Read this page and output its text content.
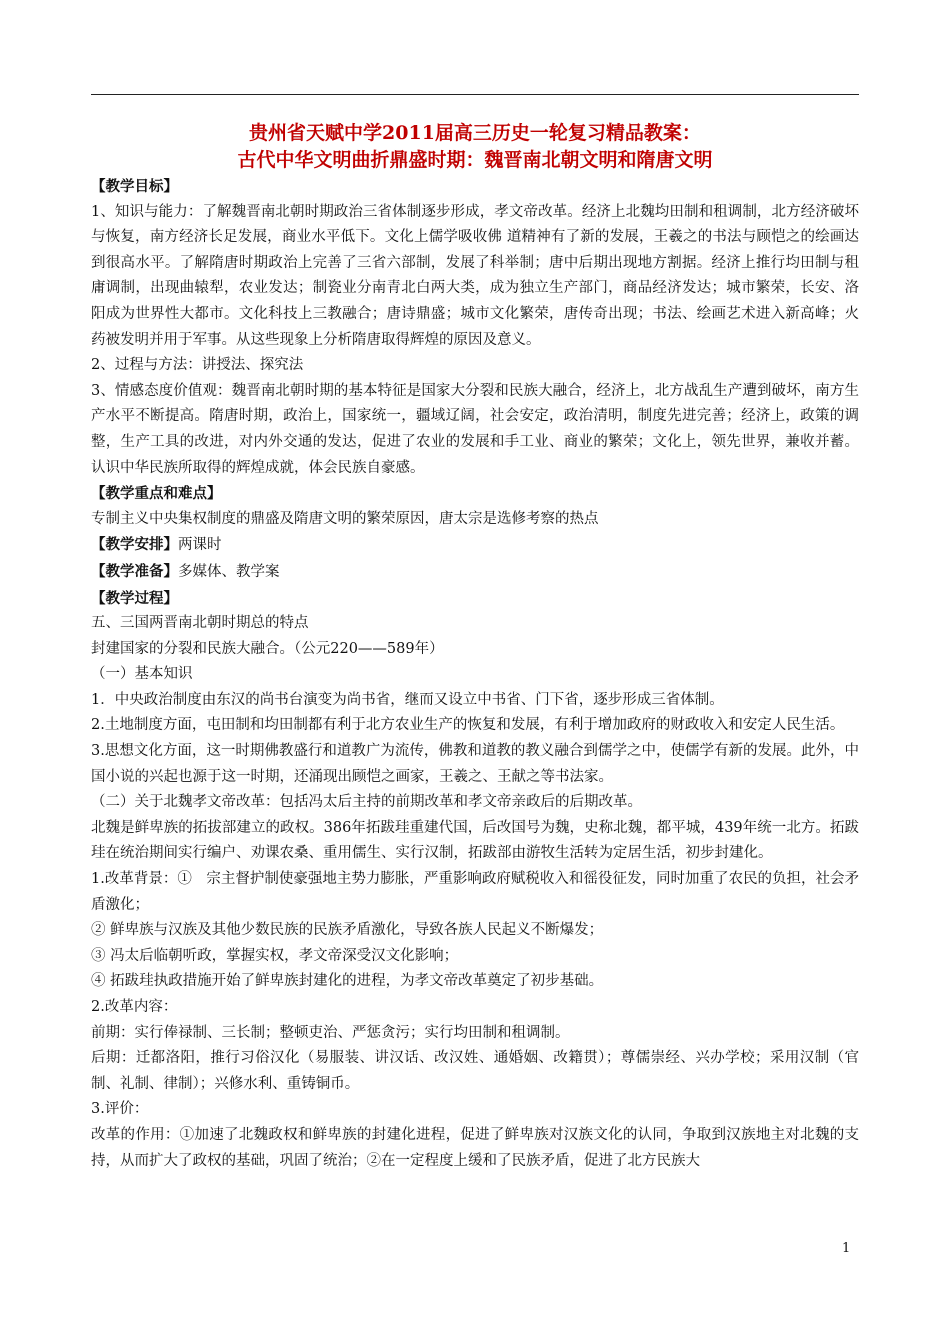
贵州省天赋中学2011届高三历史一轮复习精品教案：
古代中华文明曲折鼎盛时期：魏晋南北朝文明和隋唐文明

【教学目标】

1、知识与能力：了解魏晋南北朝时期政治三省体制逐步形成，孝文帝改革。经济上北魏均田制和租调制，北方经济破坏与恢复，南方经济长足发展，商业水平低下。文化上儒学吸收佛 道精神有了新的发展，王羲之的书法与顾恺之的绘画达到很高水平。了解隋唐时期政治上完善了三省六部制，发展了科举制；唐中后期出现地方割据。经济上推行均田制与租庸调制，出现曲辕犁，农业发达；制瓷业分南青北白两大类，成为独立生产部门，商品经济发达；城市繁荣，长安、洛阳成为世界性大都市。文化科技上三教融合；唐诗鼎盛；城市文化繁荣，唐传奇出现；书法、绘画艺术进入新高峰；火药被发明并用于军事。从这些现象上分析隋唐取得辉煌的原因及意义。

2、过程与方法：讲授法、探究法

3、情感态度价值观：魏晋南北朝时期的基本特征是国家大分裂和民族大融合，经济上，北方战乱生产遭到破坏，南方生产水平不断提高。隋唐时期，政治上，国家统一，疆域辽阔，社会安定，政治清明，制度先进完善；经济上，政策的调整，生产工具的改进，对内外交通的发达，促进了农业的发展和手工业、商业的繁荣；文化上，领先世界，兼收并蓄。认识中华民族所取得的辉煌成就，体会民族自豪感。

【教学重点和难点】

专制主义中央集权制度的鼎盛及隋唐文明的繁荣原因，唐太宗是选修考察的热点

【教学安排】两课时

【教学准备】多媒体、教学案

【教学过程】

五、三国两晋南北朝时期总的特点

封建国家的分裂和民族大融合。（公元220——589年）

（一）基本知识

1．中央政治制度由东汉的尚书台演变为尚书省，继而又设立中书省、门下省，逐步形成三省体制。

2.土地制度方面，屯田制和均田制都有利于北方农业生产的恢复和发展，有利于增加政府的财政收入和安定人民生活。

3.思想文化方面，这一时期佛教盛行和道教广为流传，佛教和道教的教义融合到儒学之中，使儒学有新的发展。此外，中国小说的兴起也源于这一时期，还涌现出顾恺之画家，王羲之、王献之等书法家。

（二）关于北魏孝文帝改革：包括冯太后主持的前期改革和孝文帝亲政后的后期改革。

北魏是鲜卑族的拓拔部建立的政权。386年拓跋珪重建代国，后改国号为魏，史称北魏，都平城，439年统一北方。拓跋珪在统治期间实行编户、劝课农桑、重用儒生、实行汉制，拓跋部由游牧生活转为定居生活，初步封建化。

1.改革背景：①　宗主督护制使豪强地主势力膨胀，严重影响政府赋税收入和徭役征发，同时加重了农民的负担，社会矛盾激化；

② 鲜卑族与汉族及其他少数民族的民族矛盾激化，导致各族人民起义不断爆发；

③ 冯太后临朝听政，掌握实权，孝文帝深受汉文化影响；

④ 拓跋珪执政措施开始了鲜卑族封建化的进程，为孝文帝改革奠定了初步基础。

2.改革内容：

前期：实行俸禄制、三长制；整顿吏治、严惩贪污；实行均田制和租调制。

后期：迁都洛阳，推行习俗汉化（易服装、讲汉话、改汉姓、通婚姻、改籍贯）；尊儒崇经、兴办学校；采用汉制（官制、礼制、律制）；兴修水利、重铸铜币。

3.评价：

改革的作用：①加速了北魏政权和鲜卑族的封建化进程，促进了鲜卑族对汉族文化的认同，争取到汉族地主对北魏的支持，从而扩大了政权的基础，巩固了统治；②在一定程度上缓和了民族矛盾，促进了北方民族大

1
